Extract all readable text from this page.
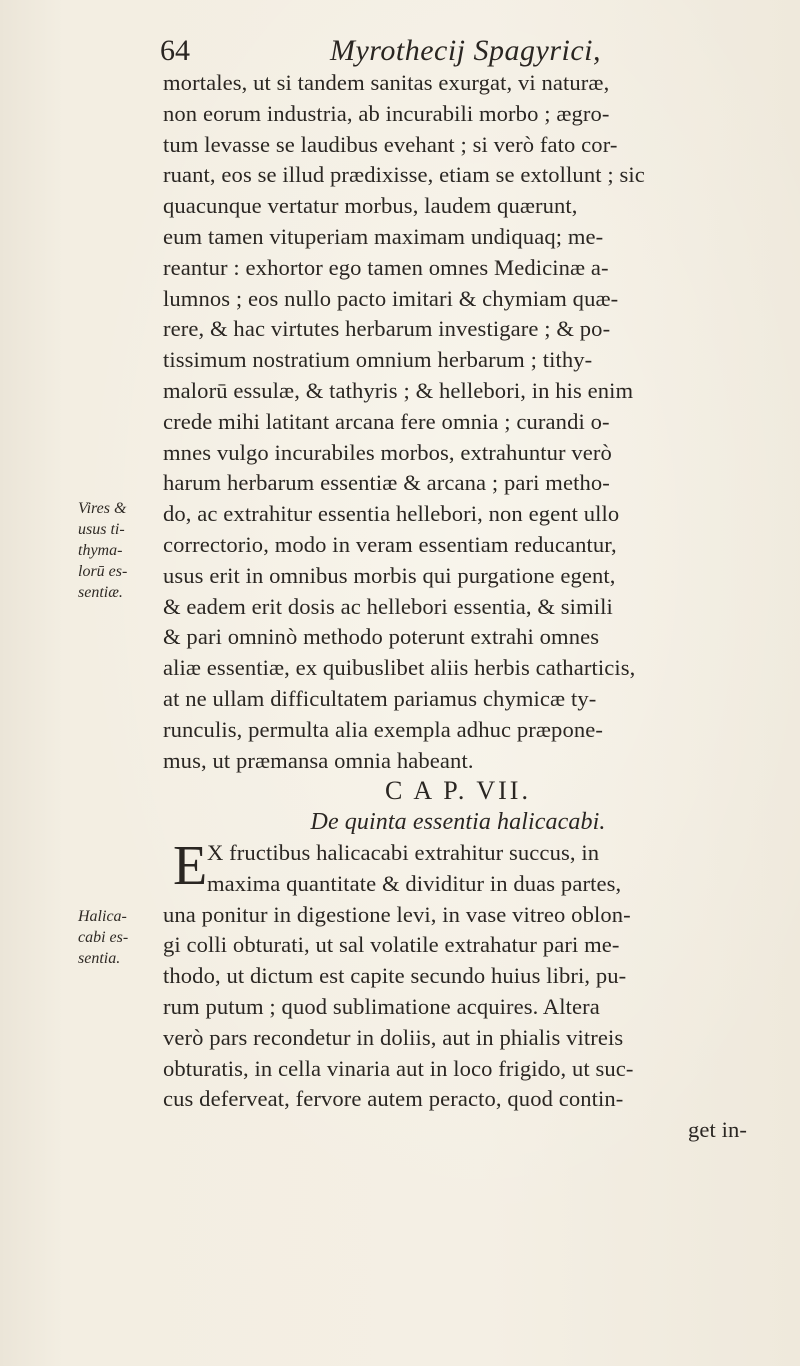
64	Myrothecij Spagyrici,
Vires &
usus ti-
thyma-
lorū es-
sentiæ.
Halica-
cabi es-
sentia.
mortales, ut si tandem sanitas exurgat, vi naturæ,
non eorum industria, ab incurabili morbo ; ægro-
tum levasse se laudibus evehant ; si verò fato cor-
ruant, eos se illud prædixisse, etiam se extollunt ; sic
quacunque vertatur morbus, laudem quærunt,
eum tamen vituperiam maximam undiquaq; me-
reantur : exhortor ego tamen omnes Medicinæ a-
lumnos ; eos nullo pacto imitari & chymiam quæ-
rere, & hac virtutes herbarum investigare ; & po-
tissimum nostratium omnium herbarum ; tithy-
malorū essulæ, & tathyris ; & hellebori, in his enim
crede mihi latitant arcana fere omnia ; curandi o-
mnes vulgo incurabiles morbos, extrahuntur verò
harum herbarum essentiæ & arcana ; pari metho-
do, ac extrahitur essentia hellebori, non egent ullo
correctorio, modo in veram essentiam reducantur,
usus erit in omnibus morbis qui purgatione egent,
& eadem erit dosis ac hellebori essentia, & simili
& pari omninò methodo poterunt extrahi omnes
aliæ essentiæ, ex quibuslibet aliis herbis catharticis,
at ne ullam difficultatem pariamus chymicæ ty-
runculis, permulta alia exempla adhuc præpone-
mus, ut præmansa omnia habeant.
C A P. VII.
De quinta essentia halicacabi.
E X fructibus halicacabi extrahitur succus, in
maxima quantitate & dividitur in duas partes,
una ponitur in digestione levi, in vase vitreo oblon-
gi colli obturati, ut sal volatile extrahatur pari me-
thodo, ut dictum est capite secundo huius libri, pu-
rum putum ; quod sublimatione acquires. Altera
verò pars recondetur in doliis, aut in phialis vitreis
obturatis, in cella vinaria aut in loco frigido, ut suc-
cus deferveat, fervore autem peracto, quod contin-
get in-
